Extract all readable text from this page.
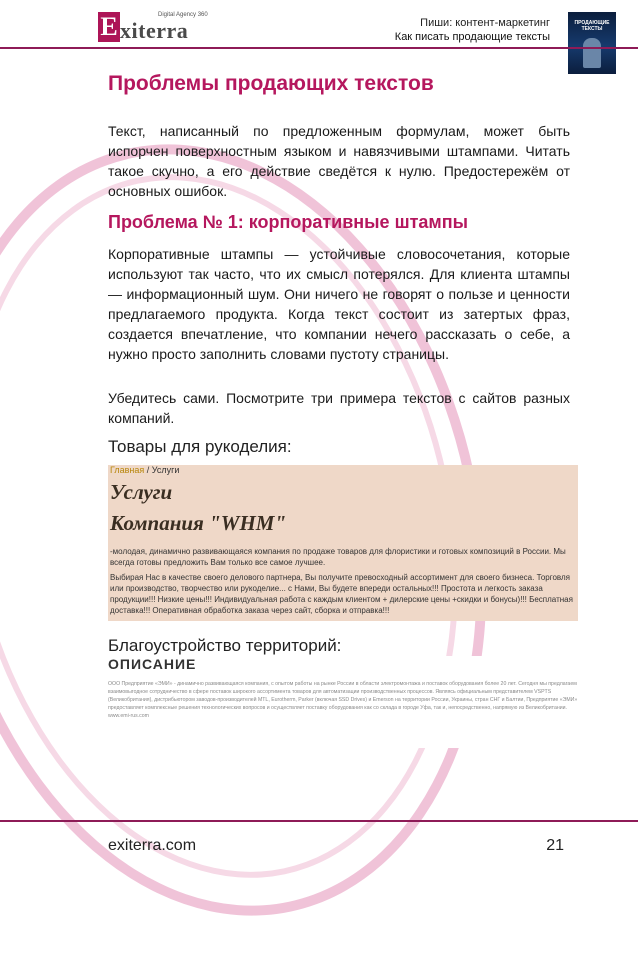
E xiterra
Digital Agency 360
Пиши: контент-маркетинг
Как писать продающие тексты
ПРОДАЮЩИЕ ТЕКСТЫ
Проблемы продающих текстов

Текст, написанный по предложенным формулам, может быть испорчен поверхностным языком и навязчивыми штампами. Читать такое скучно, а его действие сведётся к нулю. Предостережём от основных ошибок.

Проблема № 1: корпоративные штампы

Корпоративные штампы — устойчивые словосочетания, которые используют так часто, что их смысл потерялся. Для клиента штампы — информационный шум. Они ничего не говорят о пользе и ценности предлагаемого продукта. Когда текст состоит из затертых фраз, создается впечатление, что компании нечего рассказать о себе, а нужно просто заполнить словами пустоту страницы.

Убедитесь сами. Посмотрите три примера текстов с сайтов разных компаний.

Товары для рукоделия:
Главная / Услуги
Услуги
Компания "WHM"
-молодая, динамично развивающаяся компания по продаже товаров для флористики и готовых композиций в России. Мы всегда готовы предложить Вам только все самое лучшее.
Выбирая Нас в качестве своего делового партнера, Вы получите превосходный ассортимент для своего бизнеса. Торговля или производство, творчество или рукоделие... с Нами, Вы будете впереди остальных!!! Простота и легкость заказа продукции!!! Низкие цены!!! Индивидуальная работа с каждым клиентом + дилерские цены +скидки и бонусы)!!! Бесплатная доставка!!! Оперативная обработка заказа через сайт, сборка и отправка!!!
Благоустройство территорий:
ОПИСАНИЕ
ООО Предприятие «ЭМИ» - динамично развивающаяся компания, с опытом работы на рынке России в области электромонтажа и поставок оборудования более 20 лет. Сегодня мы предлагаем взаимовыгодное сотрудничество в сфере поставок широкого ассортимента товаров для автоматизации производственных процессов. Являясь официальным представителем VSPTS (Великобритания), дистрибьютором заводов-производителей MTL, Eurotherm, Parker (включая SSD Drives) и Emerson на территории России, Украины, стран СНГ и Балтии, Предприятие «ЭМИ» предоставляет комплексные решения технологических вопросов и осуществляет поставку оборудования как со склада в городе Уфа, так и, непосредственно, напрямую из Великобритании. www.emi-rus.com
exiterra.com	21
